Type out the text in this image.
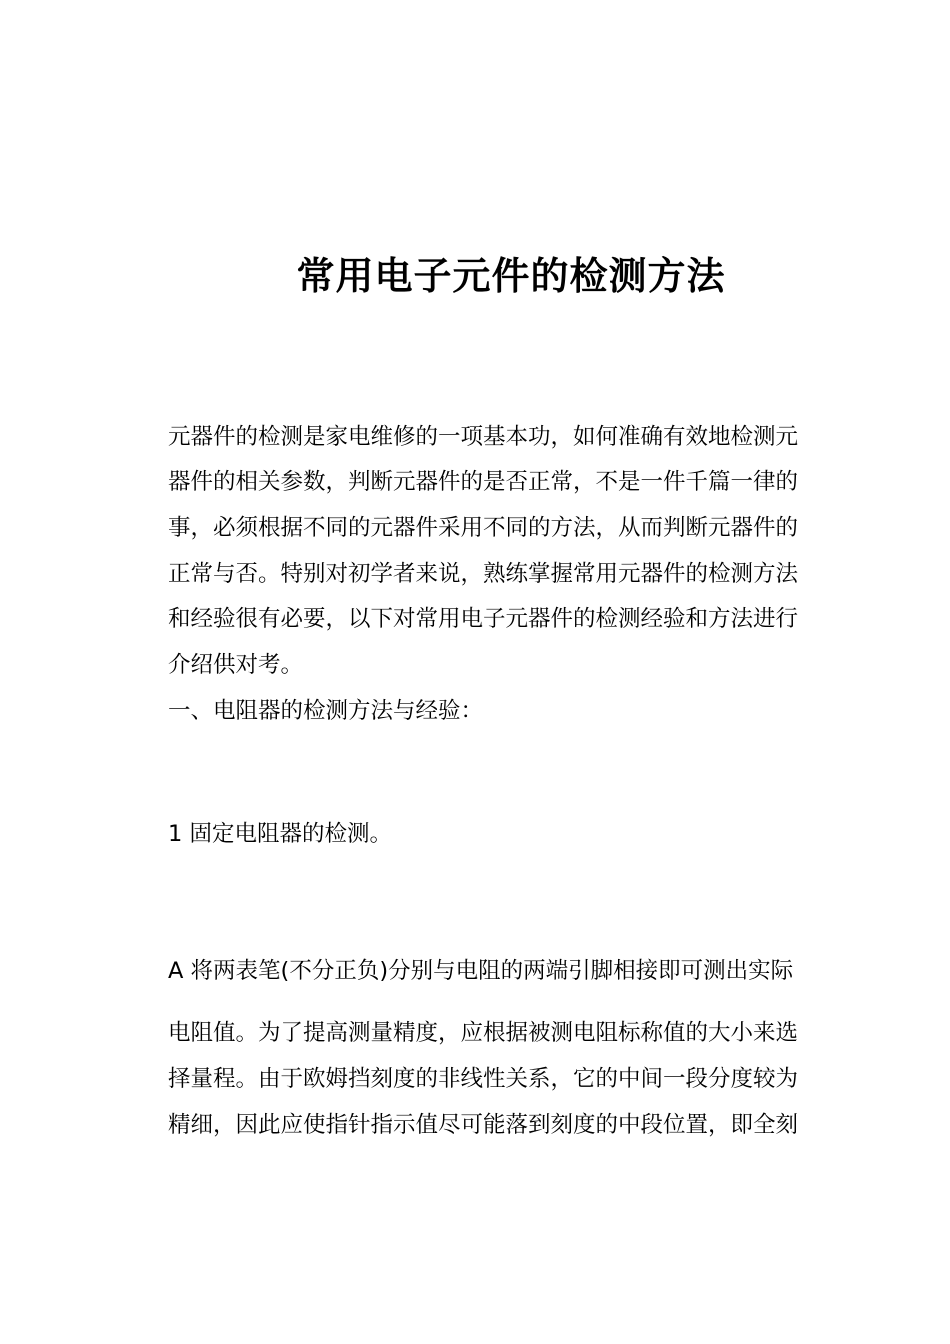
常用电子元件的检测方法
元器件的检测是家电维修的一项基本功，如何准确有效地检测元
器件的相关参数，判断元器件的是否正常，不是一件千篇一律的
事，必须根据不同的元器件采用不同的方法，从而判断元器件的
正常与否。特别对初学者来说，熟练掌握常用元器件的检测方法
和经验很有必要，以下对常用电子元器件的检测经验和方法进行
介绍供对考。
一、电阻器的检测方法与经验：
1 固定电阻器的检测。
A 将两表笔(不分正负)分别与电阻的两端引脚相接即可测出实际
电阻值。为了提高测量精度，应根据被测电阻标称值的大小来选
择量程。由于欧姆挡刻度的非线性关系，它的中间一段分度较为
精细，因此应使指针指示值尽可能落到刻度的中段位置，即全刻
